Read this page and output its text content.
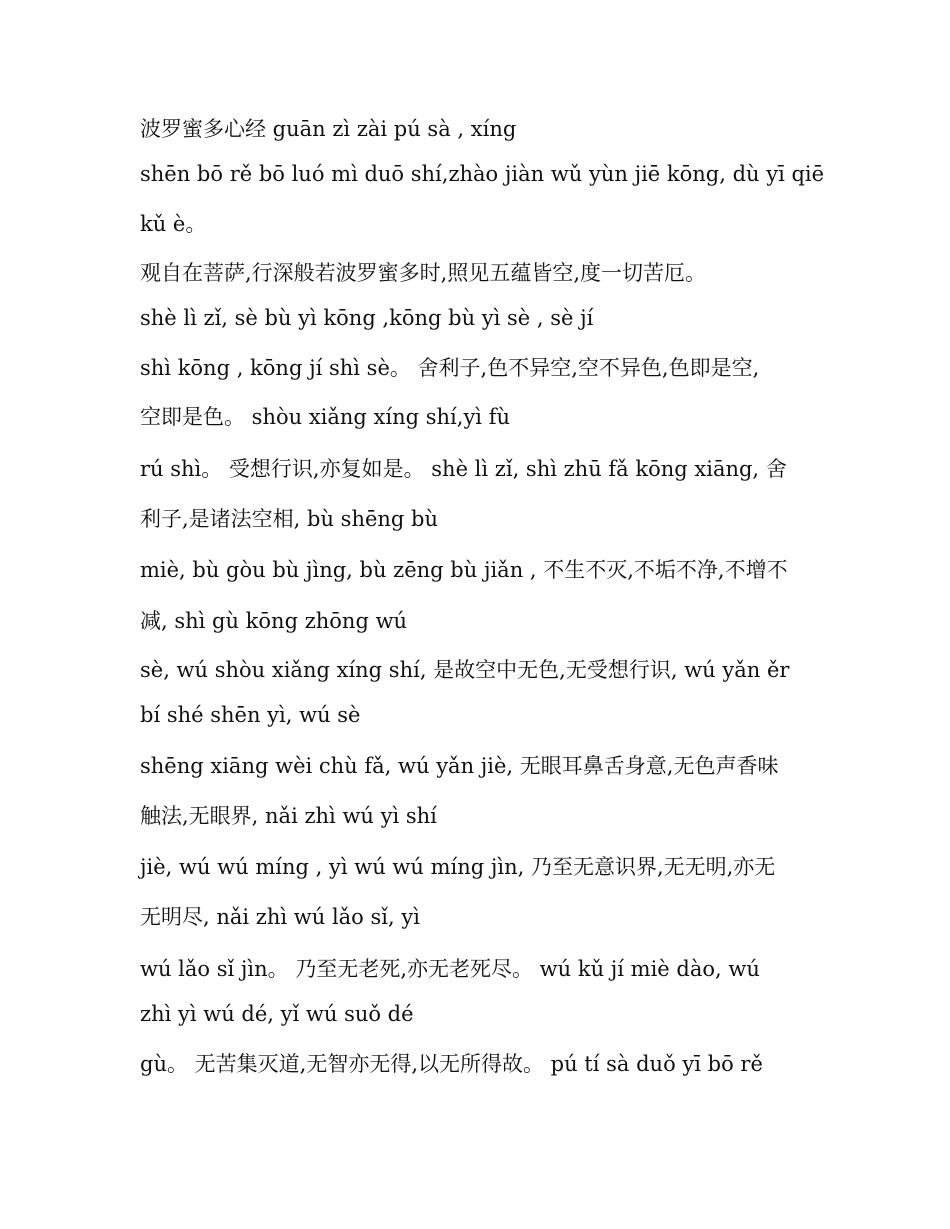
波罗蜜多心经 guān zì zài pú sà , xíng
shēn bō rě bō luó mì duō shí,zhào jiàn wǔ yùn jiē kōng, dù yī qiē
kǔ è。
观自在菩萨,行深般若波罗蜜多时,照见五蕴皆空,度一切苦厄。
shè lì zǐ, sè bù yì kōng ,kōng bù yì sè , sè jí
shì kōng , kōng jí shì sè。 舍利子,色不异空,空不异色,色即是空,
空即是色。 shòu xiǎng xíng shí,yì fù
rú shì。 受想行识,亦复如是。 shè lì zǐ, shì zhū fǎ kōng xiāng, 舍
利子,是诸法空相, bù shēng bù
miè, bù gòu bù jìng, bù zēng bù jiǎn , 不生不灭,不垢不净,不增不
减, shì gù kōng zhōng wú
sè, wú shòu xiǎng xíng shí, 是故空中无色,无受想行识, wú yǎn ěr
bí shé shēn yì, wú sè
shēng xiāng wèi chù fǎ, wú yǎn jiè, 无眼耳鼻舌身意,无色声香味
触法,无眼界, nǎi zhì wú yì shí
jiè, wú wú míng , yì wú wú míng jìn, 乃至无意识界,无无明,亦无
无明尽, nǎi zhì wú lǎo sǐ, yì
wú lǎo sǐ jìn。 乃至无老死,亦无老死尽。 wú kǔ jí miè dào, wú
zhì yì wú dé, yǐ wú suǒ dé
gù。 无苦集灭道,无智亦无得,以无所得故。 pú tí sà duǒ yī bō rě
